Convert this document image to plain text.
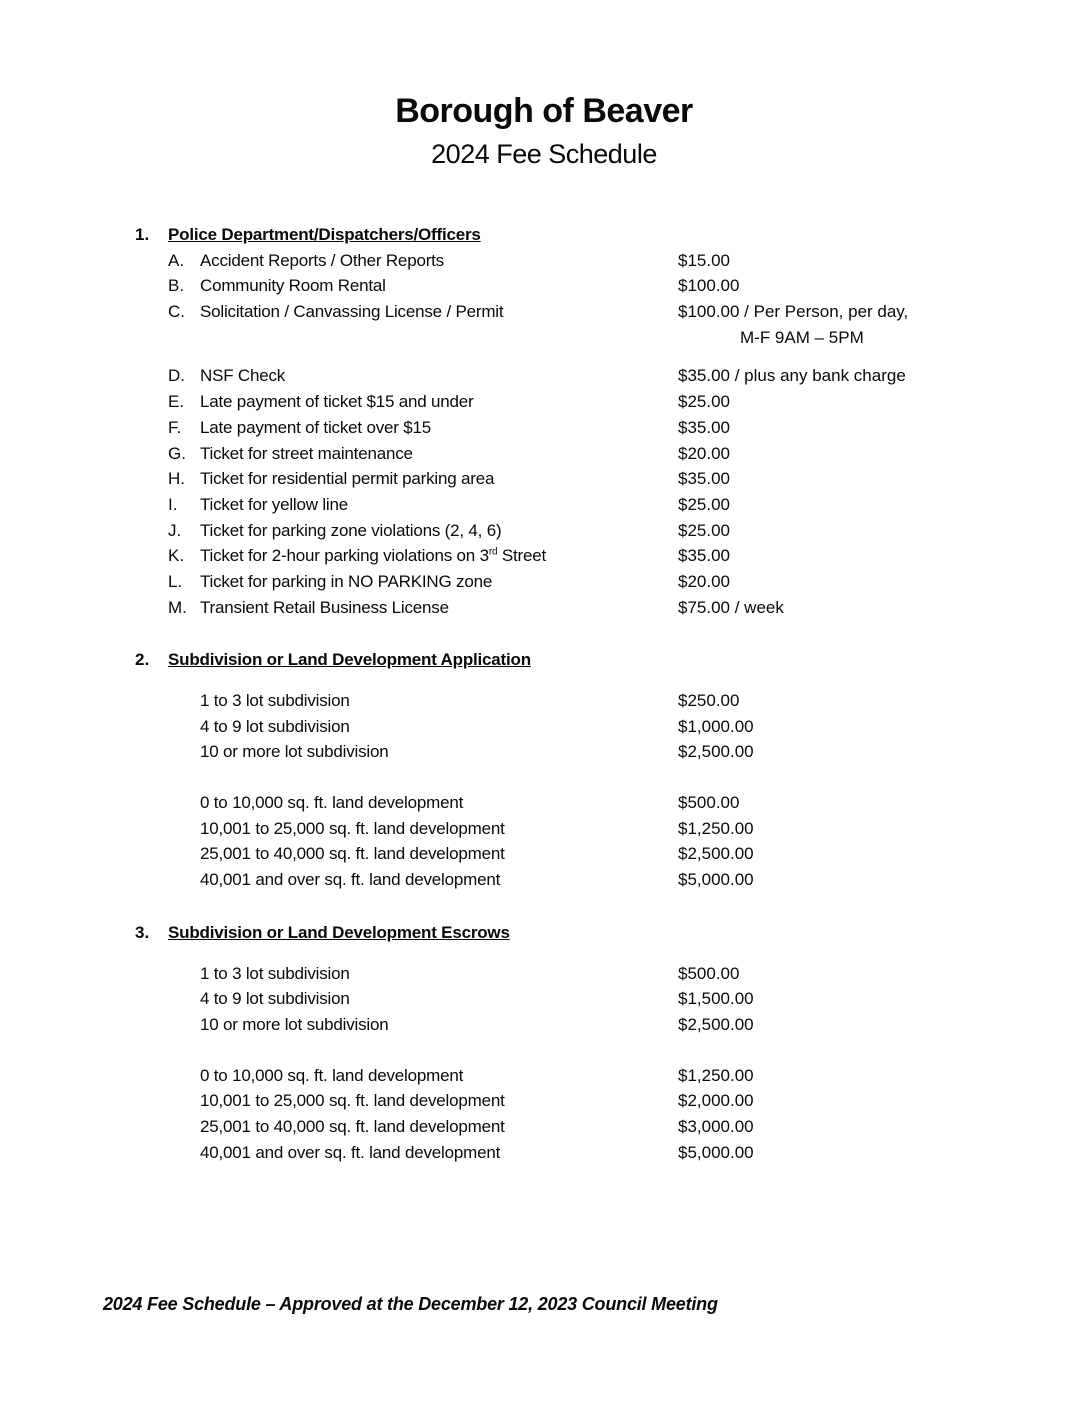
Borough of Beaver
2024 Fee Schedule
1. Police Department/Dispatchers/Officers
A. Accident Reports / Other Reports	$15.00
B. Community Room Rental	$100.00
C. Solicitation / Canvassing License / Permit	$100.00 / Per Person, per day,
M-F 9AM – 5PM
D. NSF Check	$35.00 / plus any bank charge
E. Late payment of ticket $15 and under	$25.00
F. Late payment of ticket over $15	$35.00
G. Ticket for street maintenance	$20.00
H. Ticket for residential permit parking area	$35.00
I. Ticket for yellow line	$25.00
J. Ticket for parking zone violations (2, 4, 6)	$25.00
K. Ticket for 2-hour parking violations on 3rd Street	$35.00
L. Ticket for parking in NO PARKING zone	$20.00
M. Transient Retail Business License	$75.00 / week
2. Subdivision or Land Development Application
1 to 3 lot subdivision	$250.00
4 to 9 lot subdivision	$1,000.00
10 or more lot subdivision	$2,500.00
0 to 10,000 sq. ft. land development	$500.00
10,001 to 25,000 sq. ft. land development	$1,250.00
25,001 to 40,000 sq. ft. land development	$2,500.00
40,001 and over sq. ft. land development	$5,000.00
3. Subdivision or Land Development Escrows
1 to 3 lot subdivision	$500.00
4 to 9 lot subdivision	$1,500.00
10 or more lot subdivision	$2,500.00
0 to 10,000 sq. ft. land development	$1,250.00
10,001 to 25,000 sq. ft. land development	$2,000.00
25,001 to 40,000 sq. ft. land development	$3,000.00
40,001 and over sq. ft. land development	$5,000.00
2024 Fee Schedule – Approved at the December 12, 2023 Council Meeting
